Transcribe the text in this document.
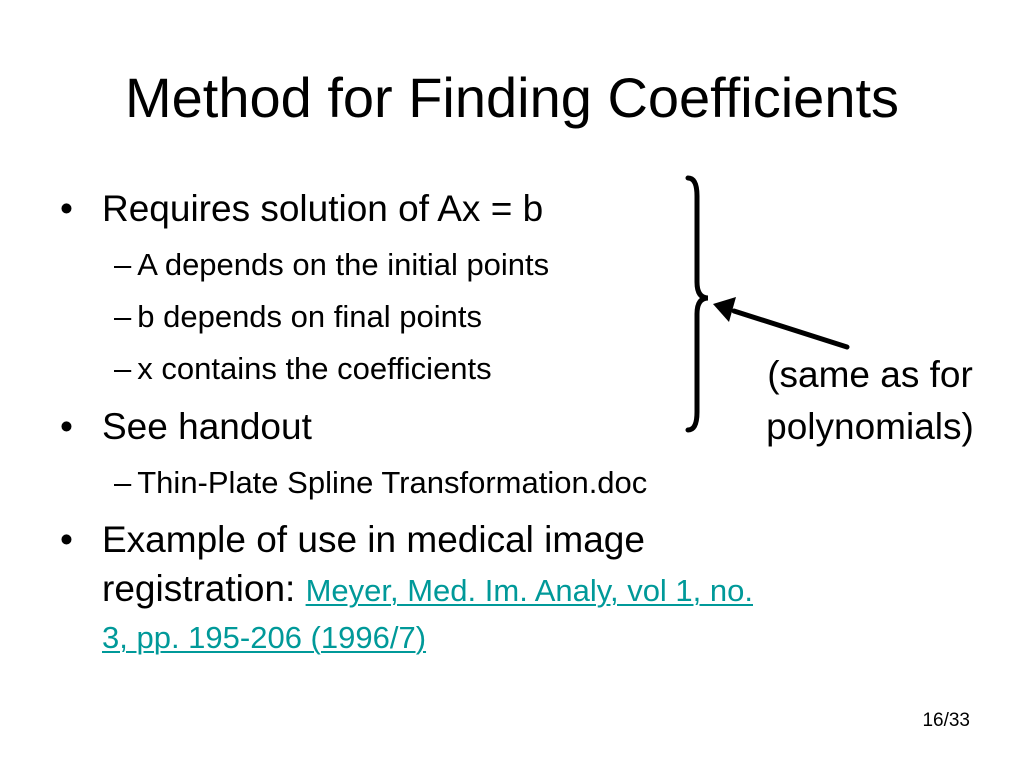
Method for Finding Coefficients
• Requires solution of Ax = b
– A depends on the initial points
– b depends on final points
– x contains the coefficients
• See handout
– Thin-Plate Spline Transformation.doc
• Example of use in medical image
registration: Meyer, Med. Im. Analy, vol 1, no.
3, pp. 195-206 (1996/7)
(same as for
polynomials)
16/33
